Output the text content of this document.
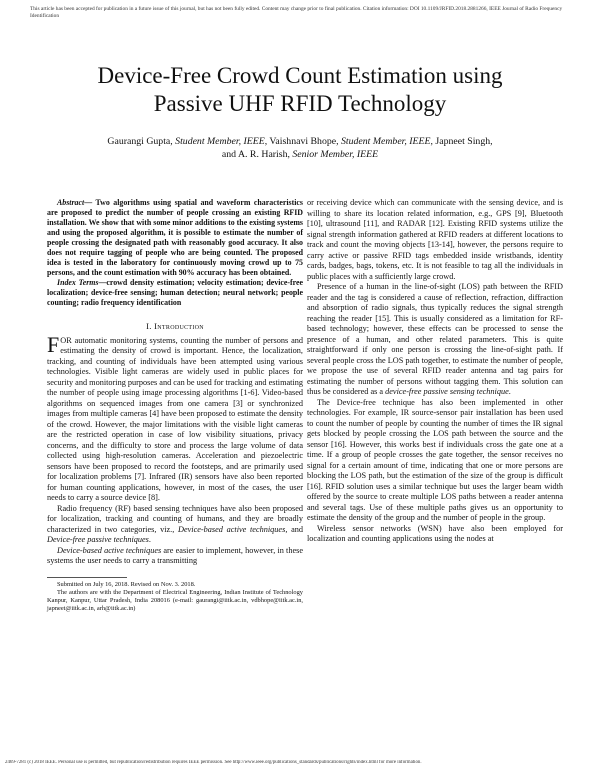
This article has been accepted for publication in a future issue of this journal, but has not been fully edited. Content may change prior to final publication. Citation information: DOI 10.1109/JRFID.2018.2881266, IEEE Journal of Radio Frequency Identification
Device-Free Crowd Count Estimation using
Passive UHF RFID Technology
Gaurangi Gupta, Student Member, IEEE, Vaishnavi Bhope, Student Member, IEEE, Japneet Singh,
and A. R. Harish, Senior Member, IEEE

Abstract— Two algorithms using spatial and waveform characteristics are proposed to predict the number of people crossing an existing RFID installation. We show that with some minor additions to the existing systems and using the proposed algorithm, it is possible to estimate the number of people crossing the designated path with reasonably good accuracy. It also does not require tagging of people who are being counted. The proposed idea is tested in the laboratory for continuously moving crowd up to 75 persons, and the count estimation with 90% accuracy has been obtained.

Index Terms—crowd density estimation; velocity estimation; device-free localization; device-free sensing; human detection; neural network; people counting; radio frequency identification

I. Introduction

FOR automatic monitoring systems, counting the number of persons and estimating the density of crowd is important. Hence, the localization, tracking, and counting of individuals have been attempted using various technologies. Visible light cameras are widely used in public places for security and monitoring purposes and can be used for tracking and estimating the number of people using image processing algorithms [1-6]. Video-based algorithms on sequenced images from one camera [3] or synchronized images from multiple cameras [4] have been proposed to estimate the density of the crowd. However, the major limitations with the visible light cameras are the restricted operation in case of low visibility situations, privacy concerns, and the difficulty to store and process the large volume of data collected using high-resolution cameras. Acceleration and piezoelectric sensors have been proposed to record the footsteps, and are primarily used for localization problems [7]. Infrared (IR) sensors have also been reported for human counting applications, however, in most of the cases, the user needs to carry a source device [8].

Radio frequency (RF) based sensing techniques have also been proposed for localization, tracking and counting of humans, and they are broadly characterized in two categories, viz., Device-based active techniques, and Device-free passive techniques.

Device-based active techniques are easier to implement, however, in these systems the user needs to carry a transmitting

Submitted on July 16, 2018. Revised on Nov. 3. 2018.

The authors are with the Department of Electrical Engineering, Indian Institute of Technology Kanpur, Kanpur, Uttar Pradesh, India 208016 (e-mail: gaurangi@iitk.ac.in, vdbhope@iitk.ac.in, japneet@iitk.ac.in, arh@iitk.ac.in)

or receiving device which can communicate with the sensing device, and is willing to share its location related information, e.g., GPS [9], Bluetooth [10], ultrasound [11], and RADAR [12]. Existing RFID systems utilize the signal strength information gathered at RFID readers at different locations to track and count the moving objects [13-14], however, the persons require to carry active or passive RFID tags embedded inside wristbands, identity cards, badges, bags, tokens, etc. It is not feasible to tag all the individuals in public places with a sufficiently large crowd.

Presence of a human in the line-of-sight (LOS) path between the RFID reader and the tag is considered a cause of reflection, refraction, diffraction and absorption of radio signals, thus typically reduces the signal strength reaching the reader [15]. This is usually considered as a limitation for RF-based technology; however, these effects can be processed to sense the presence of a human, and other related parameters. This is quite straightforward if only one person is crossing the line-of-sight path. If several people cross the LOS path together, to estimate the number of people, we propose the use of several RFID reader antenna and tag pairs for estimating the number of persons without tagging them. This solution can thus be considered as a device-free passive sensing technique.

The Device-free technique has also been implemented in other technologies. For example, IR source-sensor pair installation has been used to count the number of people by counting the number of times the IR signal gets blocked by people crossing the LOS path between the source and the sensor [16]. However, this works best if individuals cross the gate one at a time. If a group of people crosses the gate together, the sensor receives no signal for a certain amount of time, indicating that one or more persons are blocking the LOS path, but the estimation of the size of the group is difficult [16]. RFID solution uses a similar technique but uses the larger beam width offered by the source to create multiple LOS paths between a reader antenna and several tags. Use of these multiple paths gives us an opportunity to estimate the density of the group and the number of people in the group.

Wireless sensor networks (WSN) have also been employed for localization and counting applications using the nodes at

2469-7281 (c) 2018 IEEE. Personal use is permitted, but republication/redistribution requires IEEE permission. See http://www.ieee.org/publications_standards/publications/rights/index.html for more information.
